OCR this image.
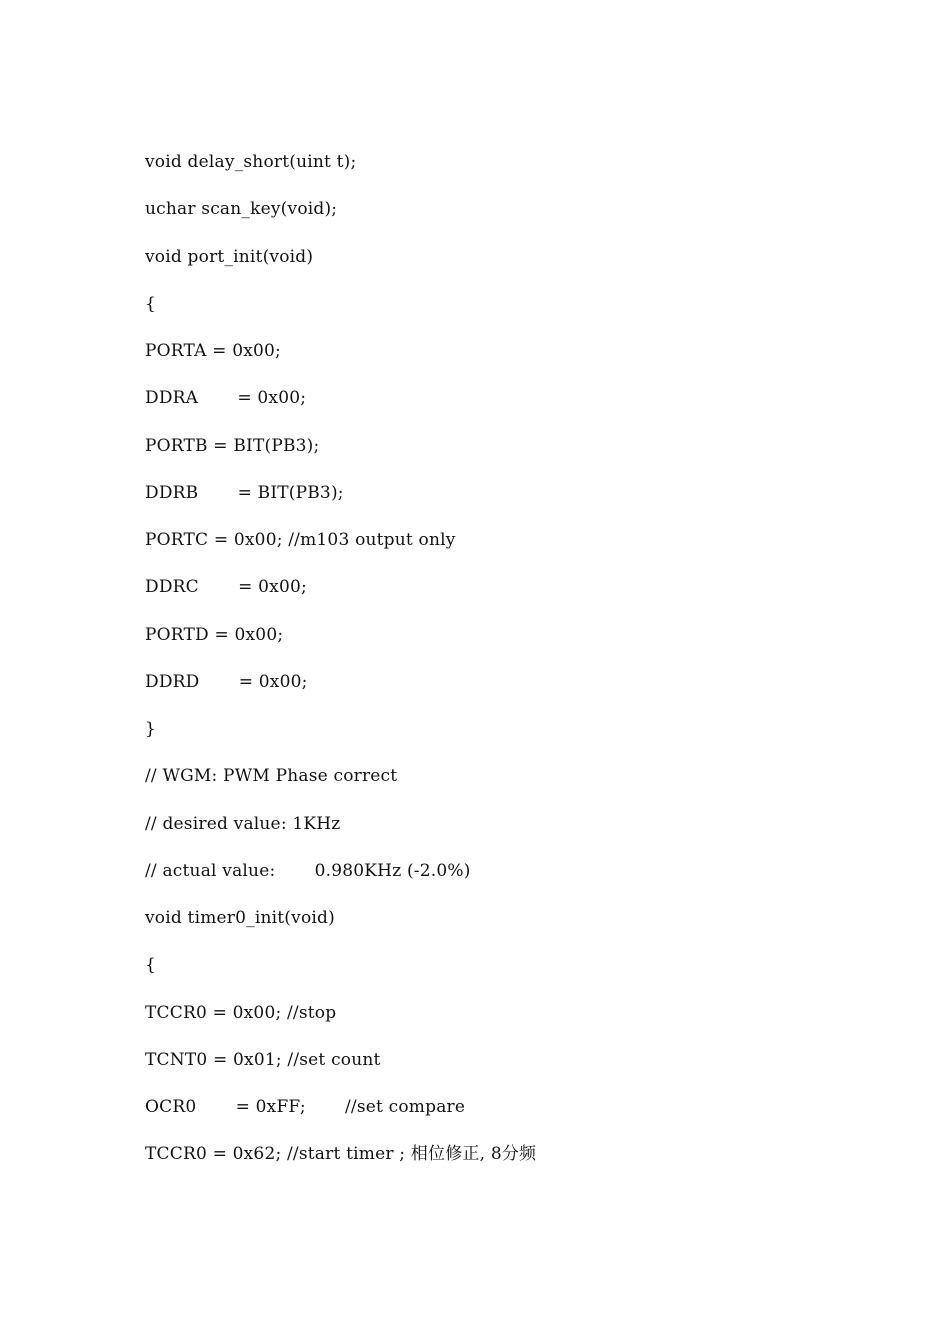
void delay_short(uint t);
uchar scan_key(void);
void port_init(void)
{
PORTA = 0x00;
DDRA       = 0x00;
PORTB = BIT(PB3);
DDRB       = BIT(PB3);
PORTC = 0x00; //m103 output only
DDRC       = 0x00;
PORTD = 0x00;
DDRD       = 0x00;
}
// WGM: PWM Phase correct
// desired value: 1KHz
// actual value:       0.980KHz (-2.0%)
void timer0_init(void)
{
TCCR0 = 0x00; //stop
TCNT0 = 0x01; //set count
OCR0       = 0xFF;       //set compare
TCCR0 = 0x62; //start timer ; 相位修正, 8分频
